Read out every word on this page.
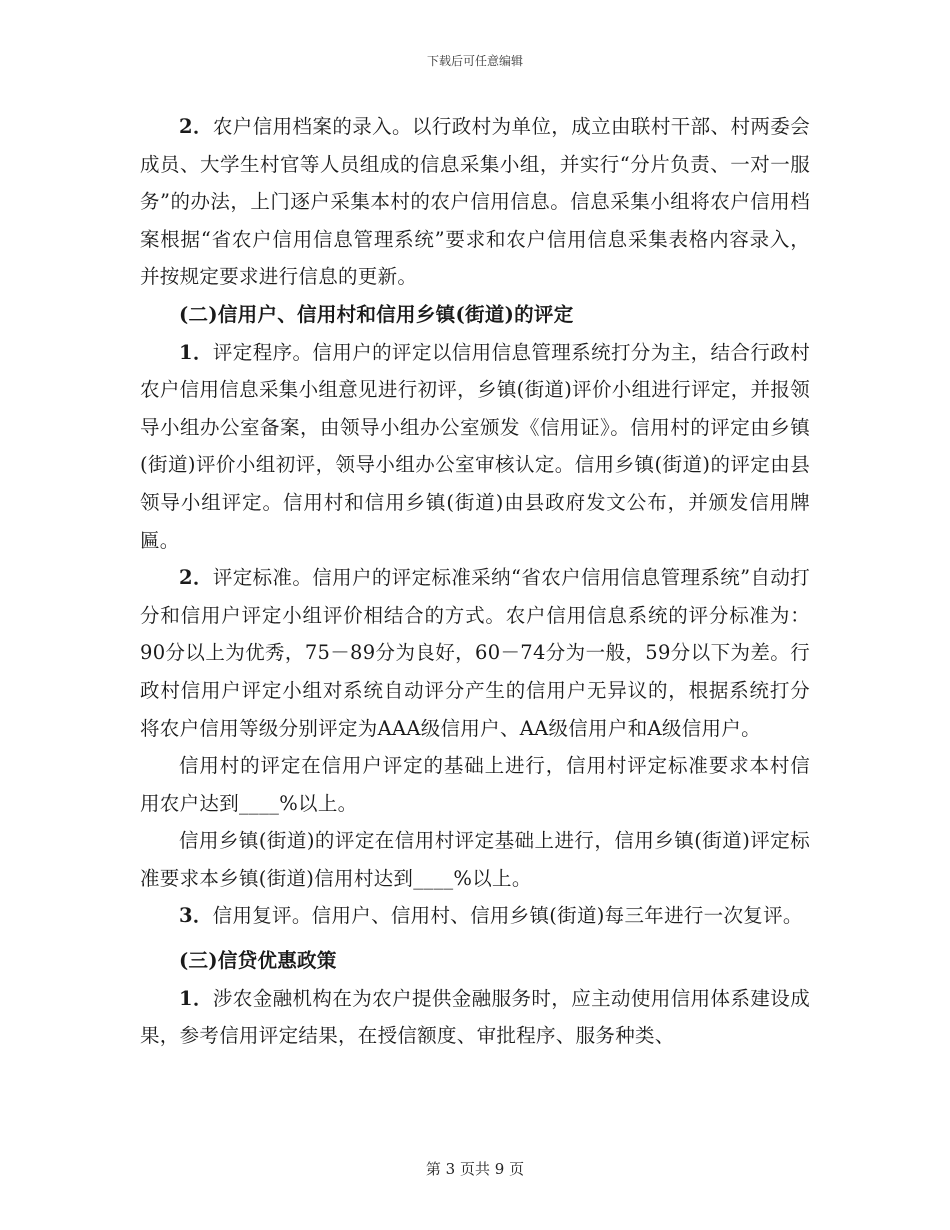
下载后可任意编辑

2．农户信用档案的录入。以行政村为单位，成立由联村干部、村两委会成员、大学生村官等人员组成的信息采集小组，并实行“分片负责、一对一服务”的办法，上门逐户采集本村的农户信用信息。信息采集小组将农户信用档案根据“省农户信用信息管理系统”要求和农户信用信息采集表格内容录入，并按规定要求进行信息的更新。

(二)信用户、信用村和信用乡镇(街道)的评定

1．评定程序。信用户的评定以信用信息管理系统打分为主，结合行政村农户信用信息采集小组意见进行初评，乡镇(街道)评价小组进行评定，并报领导小组办公室备案，由领导小组办公室颁发《信用证》。信用村的评定由乡镇(街道)评价小组初评，领导小组办公室审核认定。信用乡镇(街道)的评定由县领导小组评定。信用村和信用乡镇(街道)由县政府发文公布，并颁发信用牌匾。

2．评定标准。信用户的评定标准采纳“省农户信用信息管理系统”自动打分和信用户评定小组评价相结合的方式。农户信用信息系统的评分标准为：90分以上为优秀，75－89分为良好，60－74分为一般，59分以下为差。行政村信用户评定小组对系统自动评分产生的信用户无异议的，根据系统打分将农户信用等级分别评定为AAA级信用户、AA级信用户和A级信用户。

信用村的评定在信用户评定的基础上进行，信用村评定标准要求本村信用农户达到____%以上。

信用乡镇(街道)的评定在信用村评定基础上进行，信用乡镇(街道)评定标准要求本乡镇(街道)信用村达到____%以上。

3．信用复评。信用户、信用村、信用乡镇(街道)每三年进行一次复评。

(三)信贷优惠政策

1．涉农金融机构在为农户提供金融服务时，应主动使用信用体系建设成果，参考信用评定结果，在授信额度、审批程序、服务种类、

第 3 页共 9 页
